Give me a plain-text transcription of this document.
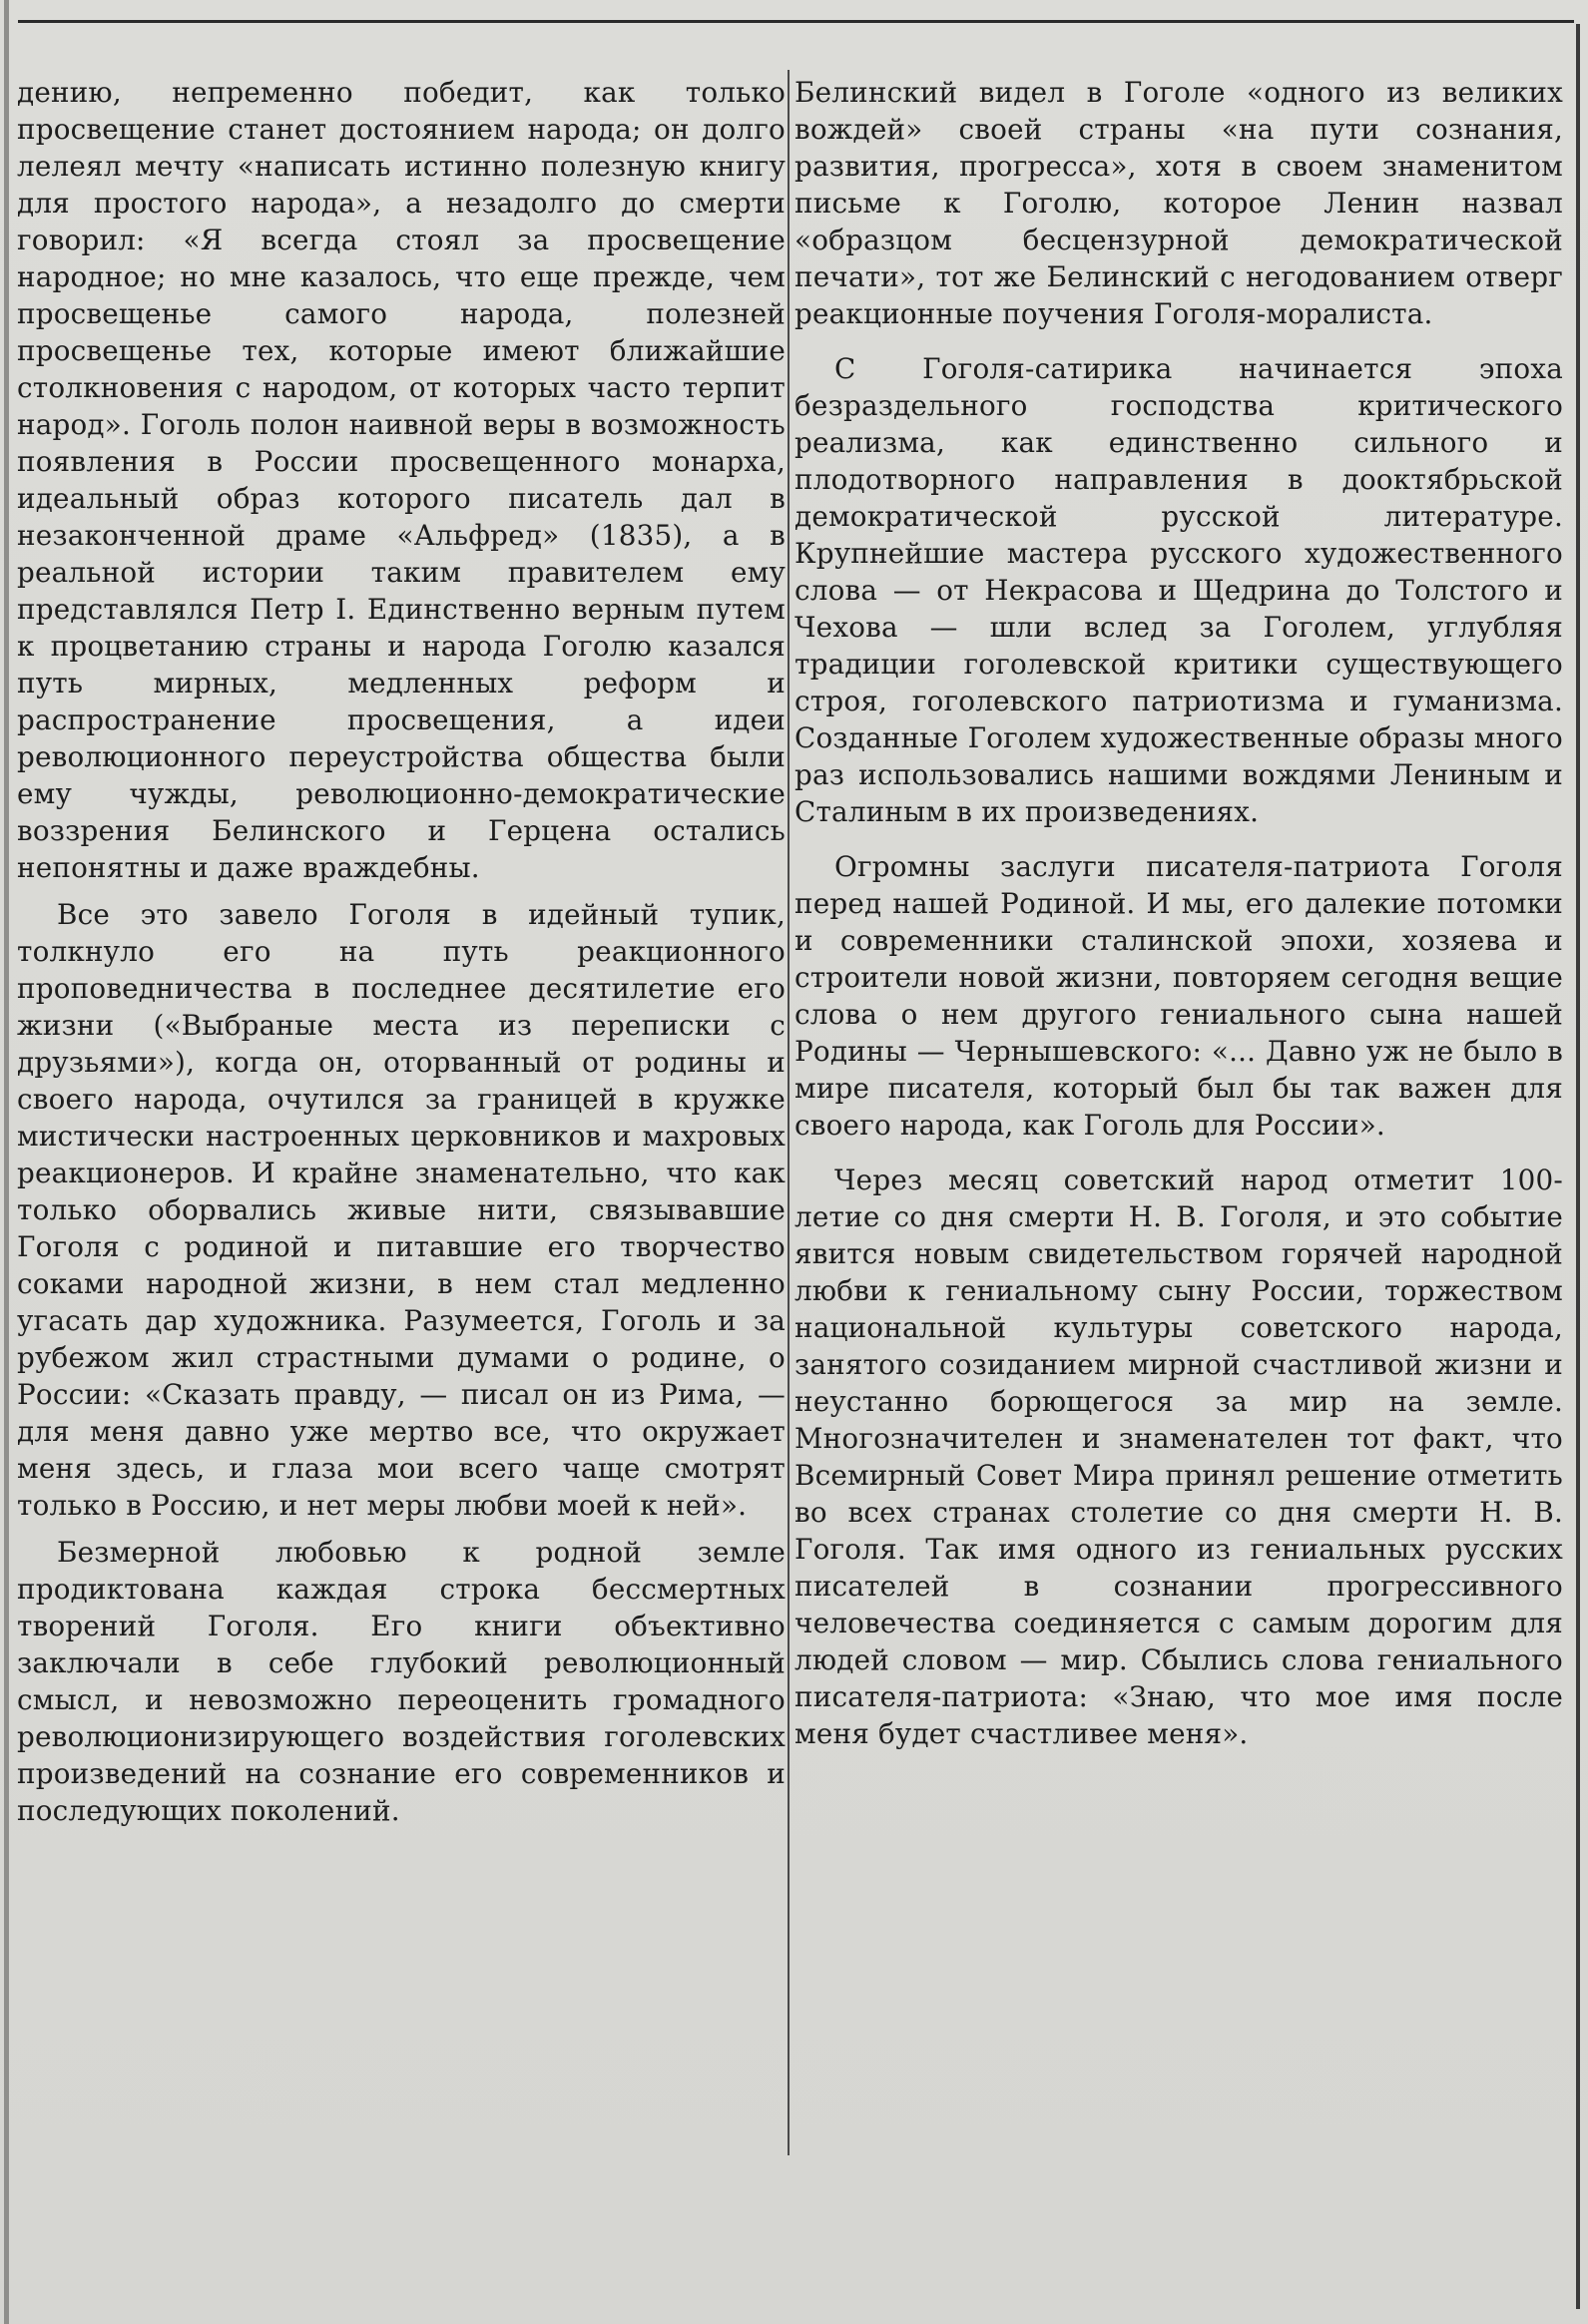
дению, непременно победит, как только просвещение станет достоянием народа; он долго лелеял мечту «написать истинно полезную книгу для простого народа», а незадолго до смерти говорил: «Я всегда стоял за просвещение народное; но мне казалось, что еще прежде, чем просвещенье самого народа, полезней просвещенье тех, которые имеют ближайшие столкновения с народом, от которых часто терпит народ». Гоголь полон наивной веры в возможность появления в России просвещенного монарха, идеальный образ которого писатель дал в незаконченной драме «Альфред» (1835), а в реальной истории таким правителем ему представлялся Петр I. Единственно верным путем к процветанию страны и народа Гоголю казался путь мирных, медленных реформ и распространение просвещения, а идеи революционного переустройства общества были ему чужды, революционно-демократические воззрения Белинского и Герцена остались непонятны и даже враждебны.

Все это завело Гоголя в идейный тупик, толкнуло его на путь реакционного проповедничества в последнее десятилетие его жизни («Выбраные места из переписки с друзьями»), когда он, оторванный от родины и своего народа, очутился за границей в кружке мистически настроенных церковников и махровых реакционеров. И крайне знаменательно, что как только оборвались живые нити, связывавшие Гоголя с родиной и питавшие его творчество соками народной жизни, в нем стал медленно угасать дар художника. Разумеется, Гоголь и за рубежом жил страстными думами о родине, о России: «Сказать правду, — писал он из Рима, — для меня давно уже мертво все, что окружает меня здесь, и глаза мои всего чаще смотрят только в Россию, и нет меры любви моей к ней».

Безмерной любовью к родной земле продиктована каждая строка бессмертных творений Гоголя. Его книги объективно заключали в себе глубокий революционный смысл, и невозможно переоценить громадного революционизирующего воздействия гоголевских произведений на сознание его современников и последующих поколений.

Белинский видел в Гоголе «одного из великих вождей» своей страны «на пути сознания, развития, прогресса», хотя в своем знаменитом письме к Гоголю, которое Ленин назвал «образцом бесцензурной демократической печати», тот же Белинский с негодованием отверг реакционные поучения Гоголя-моралиста.

С Гоголя-сатирика начинается эпоха безраздельного господства критического реализма, как единственно сильного и плодотворного направления в дооктябрьской демократической русской литературе. Крупнейшие мастера русского художественного слова — от Некрасова и Щедрина до Толстого и Чехова — шли вслед за Гоголем, углубляя традиции гоголевской критики существующего строя, гоголевского патриотизма и гуманизма. Созданные Гоголем художественные образы много раз использовались нашими вождями Лениным и Сталиным в их произведениях.

Огромны заслуги писателя-патриота Гоголя перед нашей Родиной. И мы, его далекие потомки и современники сталинской эпохи, хозяева и строители новой жизни, повторяем сегодня вещие слова о нем другого гениального сына нашей Родины — Чернышевского: «... Давно уж не было в мире писателя, который был бы так важен для своего народа, как Гоголь для России».

Через месяц советский народ отметит 100-летие со дня смерти Н. В. Гоголя, и это событие явится новым свидетельством горячей народной любви к гениальному сыну России, торжеством национальной культуры советского народа, занятого созиданием мирной счастливой жизни и неустанно борющегося за мир на земле. Многозначителен и знаменателен тот факт, что Всемирный Совет Мира принял решение отметить во всех странах столетие со дня смерти Н. В. Гоголя. Так имя одного из гениальных русских писателей в сознании прогрессивного человечества соединяется с самым дорогим для людей словом — мир. Сбылись слова гениального писателя-патриота: «Знаю, что мое имя после меня будет счастливее меня».
